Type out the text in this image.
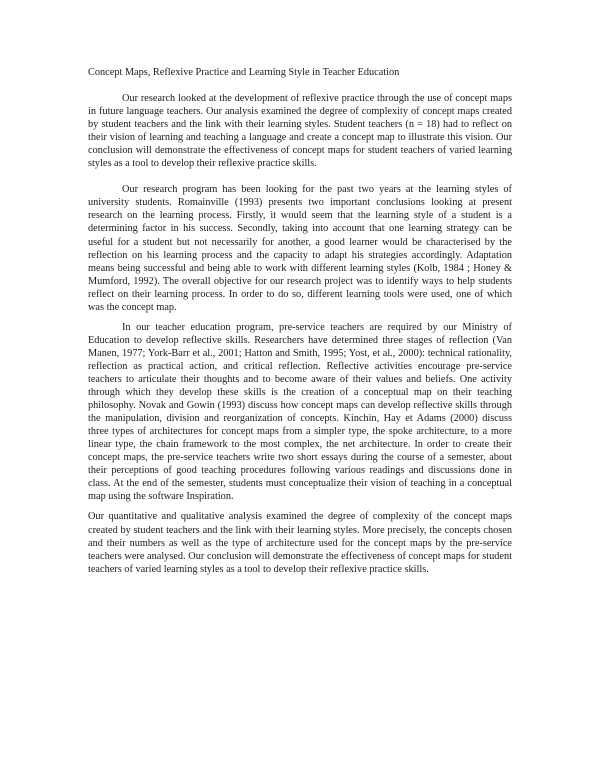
Concept Maps, Reflexive Practice and Learning Style in Teacher Education

Our research looked at the development of reflexive practice through the use of concept maps in future language teachers. Our analysis examined the degree of complexity of concept maps created by student teachers and the link with their learning styles. Student teachers (n = 18) had to reflect on their vision of learning and teaching a language and create a concept map to illustrate this vision. Our conclusion will demonstrate the effectiveness of concept maps for student teachers of varied learning styles as a tool to develop their reflexive practice skills.

Our research program has been looking for the past two years at the learning styles of university students. Romainville (1993) presents two important conclusions looking at present research on the learning process. Firstly, it would seem that the learning style of a student is a determining factor in his success. Secondly, taking into account that one learning strategy can be useful for a student but not necessarily for another, a good learner would be characterised by the reflection on his learning process and the capacity to adapt his strategies accordingly. Adaptation means being successful and being able to work with different learning styles (Kolb, 1984 ; Honey & Mumford, 1992). The overall objective for our research project was to identify ways to help students reflect on their learning process. In order to do so, different learning tools were used, one of which was the concept map.

In our teacher education program, pre-service teachers are required by our Ministry of Education to develop reflective skills. Researchers have determined three stages of reflection (Van Manen, 1977; York-Barr et al., 2001; Hatton and Smith, 1995; Yost, et al., 2000): technical rationality, reflection as practical action, and critical reflection. Reflective activities encourage pre-service teachers to articulate their thoughts and to become aware of their values and beliefs. One activity through which they develop these skills is the creation of a conceptual map on their teaching philosophy. Novak and Gowin (1993) discuss how concept maps can develop reflective skills through the manipulation, division and reorganization of concepts. Kinchin, Hay et Adams (2000) discuss three types of architectures for concept maps from a simpler type, the spoke architecture, to a more linear type, the chain framework to the most complex, the net architecture. In order to create their concept maps, the pre-service teachers write two short essays during the course of a semester, about their perceptions of good teaching procedures following various readings and discussions done in class. At the end of the semester, students must conceptualize their vision of teaching in a conceptual map using the software Inspiration.

Our quantitative and qualitative analysis examined the degree of complexity of the concept maps created by student teachers and the link with their learning styles. More precisely, the concepts chosen and their numbers as well as the type of architecture used for the concept maps by the pre-service teachers were analysed. Our conclusion will demonstrate the effectiveness of concept maps for student teachers of varied learning styles as a tool to develop their reflexive practice skills.
